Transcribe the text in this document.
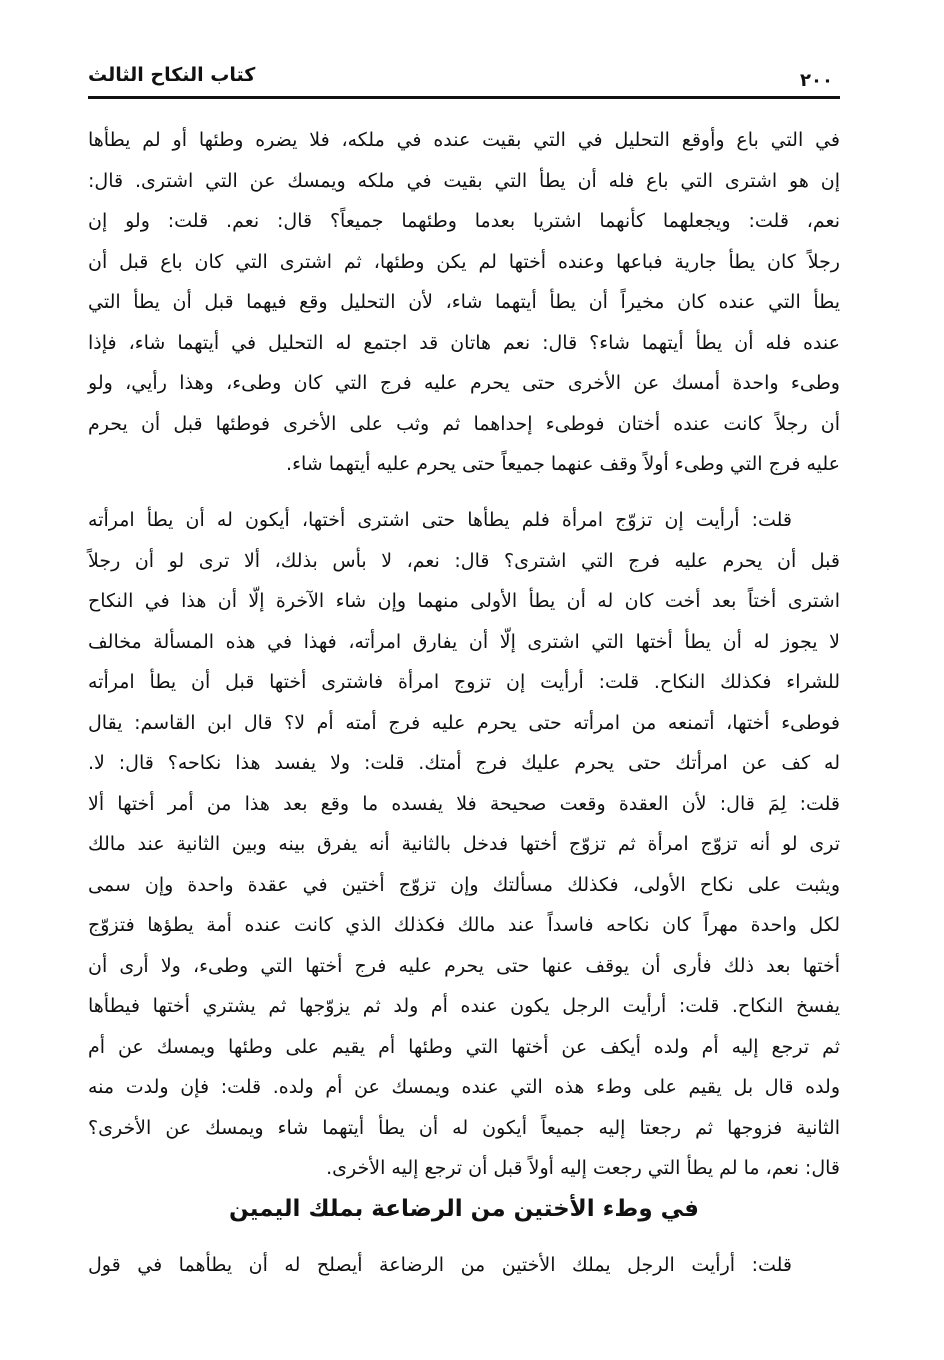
كتاب النكاح الثالث	٢٠٠
في التي باع وأوقع التحليل في التي بقيت عنده في ملكه، فلا يضره وطئها أو لم يطأها
إن هو اشترى التي باع فله أن يطأ التي بقيت في ملكه ويمسك عن التي اشترى. قال:
نعم، قلت: ويجعلهما كأنهما اشتريا بعدما وطئهما جميعاً؟ قال: نعم. قلت: ولو إن
رجلاً كان يطأ جارية فباعها وعنده أختها لم يكن وطئها، ثم اشترى التي كان باع قبل أن
يطأ التي عنده كان مخيراً أن يطأ أيتهما شاء، لأن التحليل وقع فيهما قبل أن يطأ التي
عنده فله أن يطأ أيتهما شاء؟ قال: نعم هاتان قد اجتمع له التحليل في أيتهما شاء، فإذا
وطىء واحدة أمسك عن الأخرى حتى يحرم عليه فرج التي كان وطىء، وهذا رأيي، ولو
أن رجلاً كانت عنده أختان فوطىء إحداهما ثم وثب على الأخرى فوطئها قبل أن يحرم
عليه فرج التي وطىء أولاً وقف عنهما جميعاً حتى يحرم عليه أيتهما شاء.
قلت: أرأيت إن تزوّج امرأة فلم يطأها حتى اشترى أختها، أيكون له أن يطأ امرأته
قبل أن يحرم عليه فرج التي اشترى؟ قال: نعم، لا بأس بذلك، ألا ترى لو أن رجلاً
اشترى أختاً بعد أخت كان له أن يطأ الأولى منهما وإن شاء الآخرة إلّا أن هذا في النكاح
لا يجوز له أن يطأ أختها التي اشترى إلّا أن يفارق امرأته، فهذا في هذه المسألة مخالف
للشراء فكذلك النكاح. قلت: أرأيت إن تزوج امرأة فاشترى أختها قبل أن يطأ امرأته
فوطىء أختها، أتمنعه من امرأته حتى يحرم عليه فرج أمته أم لا؟ قال ابن القاسم: يقال
له كف عن امرأتك حتى يحرم عليك فرج أمتك. قلت: ولا يفسد هذا نكاحه؟ قال: لا.
قلت: لِمَ قال: لأن العقدة وقعت صحيحة فلا يفسده ما وقع بعد هذا من أمر أختها ألا
ترى لو أنه تزوّج امرأة ثم تزوّج أختها فدخل بالثانية أنه يفرق بينه وبين الثانية عند مالك
ويثبت على نكاح الأولى، فكذلك مسألتك وإن تزوّج أختين في عقدة واحدة وإن سمى
لكل واحدة مهراً كان نكاحه فاسداً عند مالك فكذلك الذي كانت عنده أمة يطؤها فتزوّج
أختها بعد ذلك فأرى أن يوقف عنها حتى يحرم عليه فرج أختها التي وطىء، ولا أرى أن
يفسخ النكاح. قلت: أرأيت الرجل يكون عنده أم ولد ثم يزوّجها ثم يشتري أختها فيطأها
ثم ترجع إليه أم ولده أيكف عن أختها التي وطئها أم يقيم على وطئها ويمسك عن أم
ولده قال بل يقيم على وطء هذه التي عنده ويمسك عن أم ولده. قلت: فإن ولدت منه
الثانية فزوجها ثم رجعتا إليه جميعاً أيكون له أن يطأ أيتهما شاء ويمسك عن الأخرى؟
قال: نعم، ما لم يطأ التي رجعت إليه أولاً قبل أن ترجع إليه الأخرى.
في وطء الأختين من الرضاعة بملك اليمين
قلت: أرأيت الرجل يملك الأختين من الرضاعة أيصلح له أن يطأهما في قول
